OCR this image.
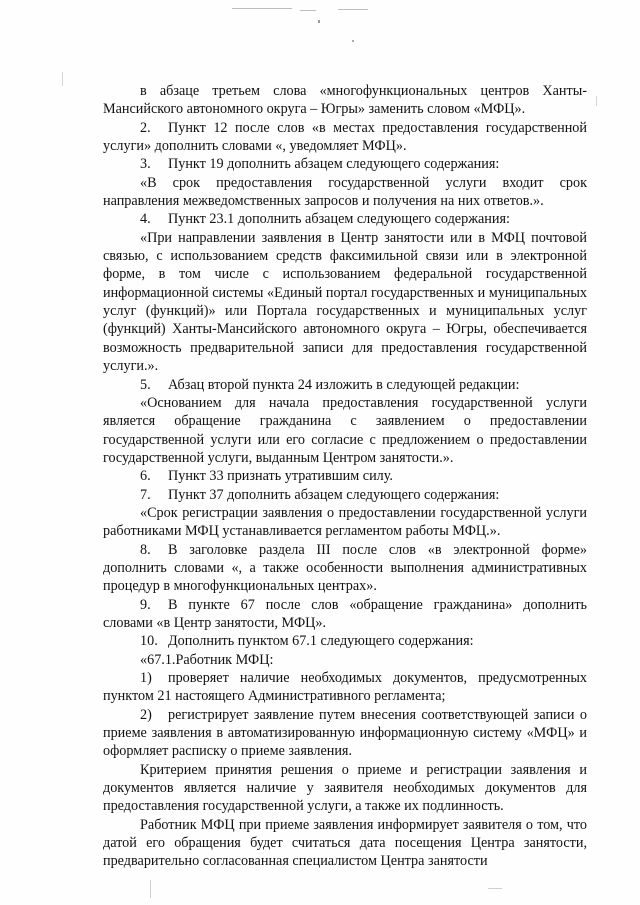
в абзаце третьем слова «многофункциональных центров Ханты-Мансийского автономного округа – Югры» заменить словом «МФЦ».

2. Пункт 12 после слов «в местах предоставления государственной услуги» дополнить словами «, уведомляет МФЦ».

3. Пункт 19 дополнить абзацем следующего содержания:

«В срок предоставления государственной услуги входит срок направления межведомственных запросов и получения на них ответов.».

4. Пункт 23.1 дополнить абзацем следующего содержания:

«При направлении заявления в Центр занятости или в МФЦ почтовой связью, с использованием средств факсимильной связи или в электронной форме, в том числе с использованием федеральной государственной информационной системы «Единый портал государственных и муниципальных услуг (функций)» или Портала государственных и муниципальных услуг (функций) Ханты-Мансийского автономного округа – Югры, обеспечивается возможность предварительной записи для предоставления государственной услуги.».

5. Абзац второй пункта 24 изложить в следующей редакции:

«Основанием для начала предоставления государственной услуги является обращение гражданина с заявлением о предоставлении государственной услуги или его согласие с предложением о предоставлении государственной услуги, выданным Центром занятости.».

6. Пункт 33 признать утратившим силу.

7. Пункт 37 дополнить абзацем следующего содержания:

«Срок регистрации заявления о предоставлении государственной услуги работниками МФЦ устанавливается регламентом работы МФЦ.».

8. В заголовке раздела III после слов «в электронной форме» дополнить словами «, а также особенности выполнения административных процедур в многофункциональных центрах».

9. В пункте 67 после слов «обращение гражданина» дополнить словами «в Центр занятости, МФЦ».

10. Дополнить пунктом 67.1 следующего содержания:

«67.1.Работник МФЦ:

1) проверяет наличие необходимых документов, предусмотренных пунктом 21 настоящего Административного регламента;

2) регистрирует заявление путем внесения соответствующей записи о приеме заявления в автоматизированную информационную систему «МФЦ» и оформляет расписку о приеме заявления.

Критерием принятия решения о приеме и регистрации заявления и документов является наличие у заявителя необходимых документов для предоставления государственной услуги, а также их подлинность.

Работник МФЦ при приеме заявления информирует заявителя о том, что датой его обращения будет считаться дата посещения Центра занятости, предварительно согласованная специалистом Центра занятости
